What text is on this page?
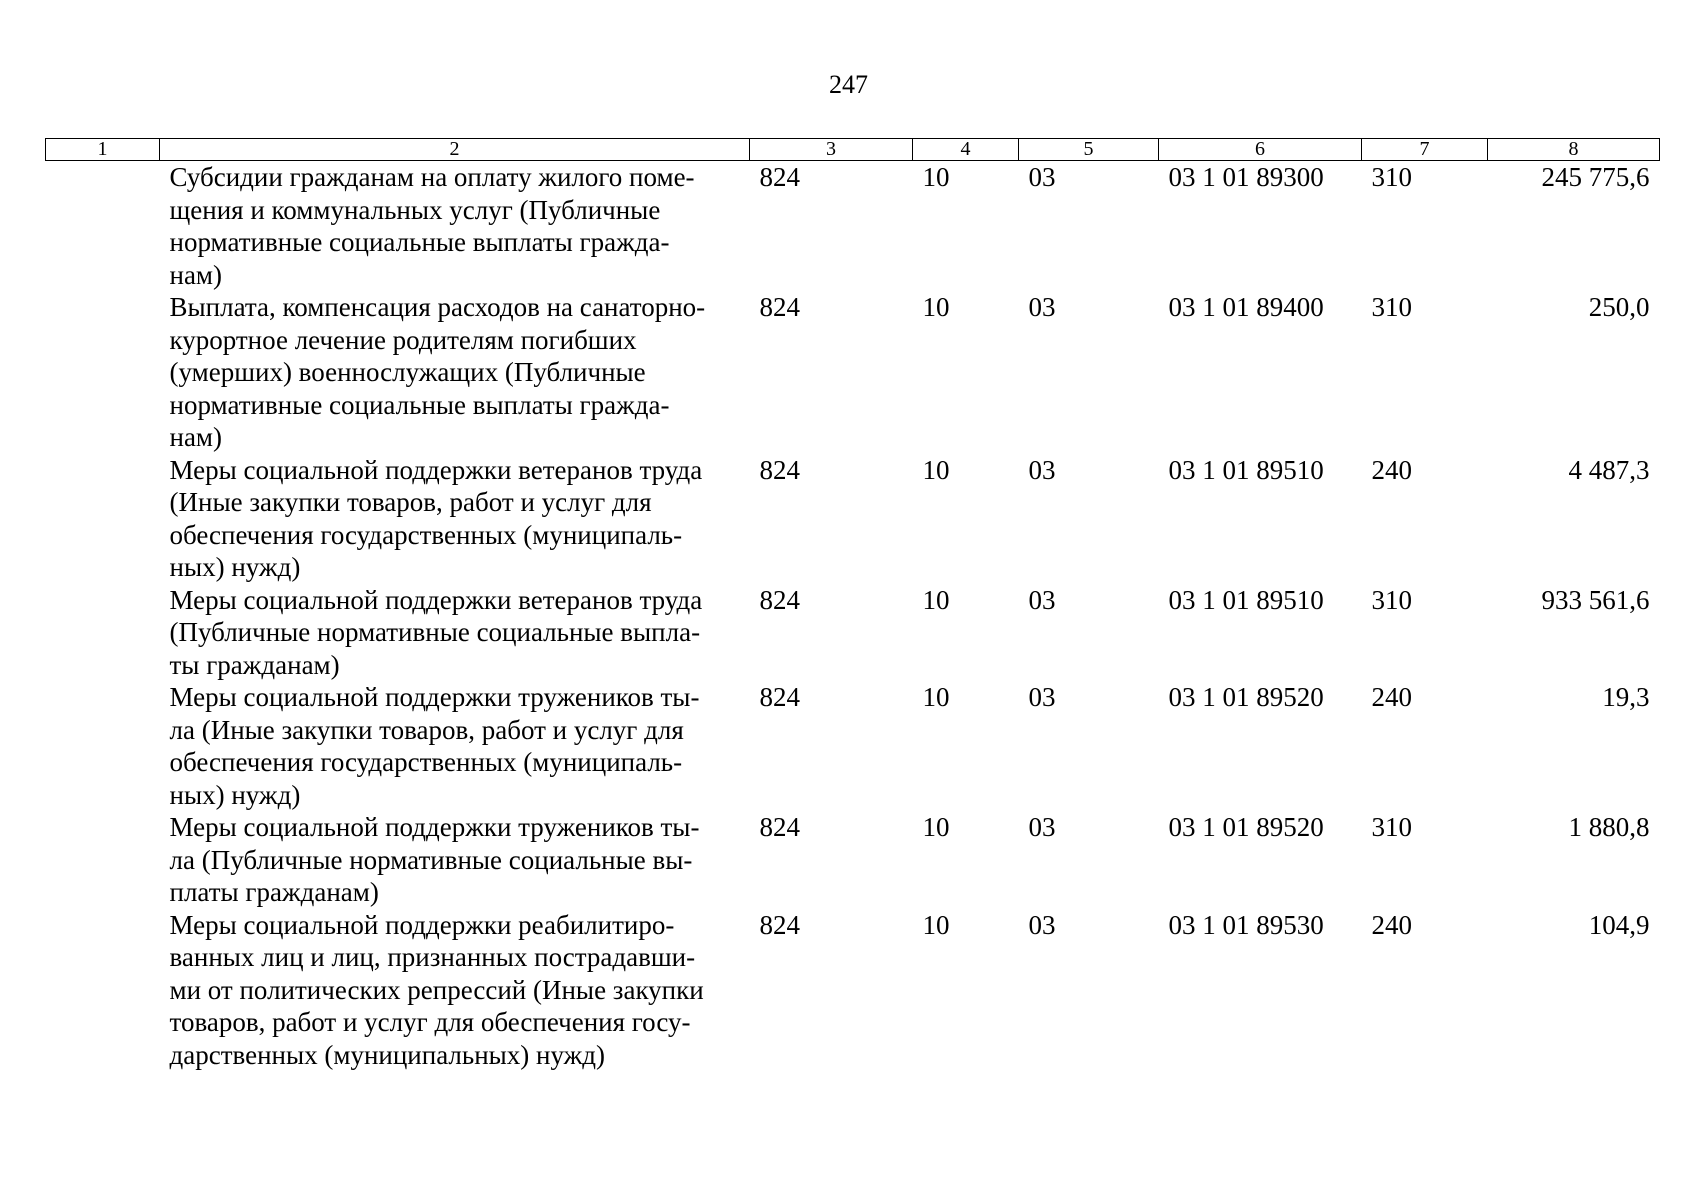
247
1	2	3	4	5	6	7	8
	Субсидии гражданам на оплату жилого поме-
щения и коммунальных услуг (Публичные
нормативные социальные выплаты гражда-
нам)	824	10	03	03 1 01 89300	310	245 775,6
	Выплата, компенсация расходов на санаторно-
курортное лечение родителям погибших
(умерших) военнослужащих (Публичные
нормативные социальные выплаты гражда-
нам)	824	10	03	03 1 01 89400	310	250,0
	Меры социальной поддержки ветеранов труда
(Иные закупки товаров, работ и услуг для
обеспечения государственных (муниципаль-
ных) нужд)	824	10	03	03 1 01 89510	240	4 487,3
	Меры социальной поддержки ветеранов труда
(Публичные нормативные социальные выпла-
ты гражданам)	824	10	03	03 1 01 89510	310	933 561,6
	Меры социальной поддержки тружеников ты-
ла (Иные закупки товаров, работ и услуг для
обеспечения государственных (муниципаль-
ных) нужд)	824	10	03	03 1 01 89520	240	19,3
	Меры социальной поддержки тружеников ты-
ла (Публичные нормативные социальные вы-
платы гражданам)	824	10	03	03 1 01 89520	310	1 880,8
	Меры социальной поддержки реабилитиро-
ванных лиц и лиц, признанных пострадавши-
ми от политических репрессий (Иные закупки
товаров, работ и услуг для обеспечения госу-
дарственных (муниципальных) нужд)	824	10	03	03 1 01 89530	240	104,9
